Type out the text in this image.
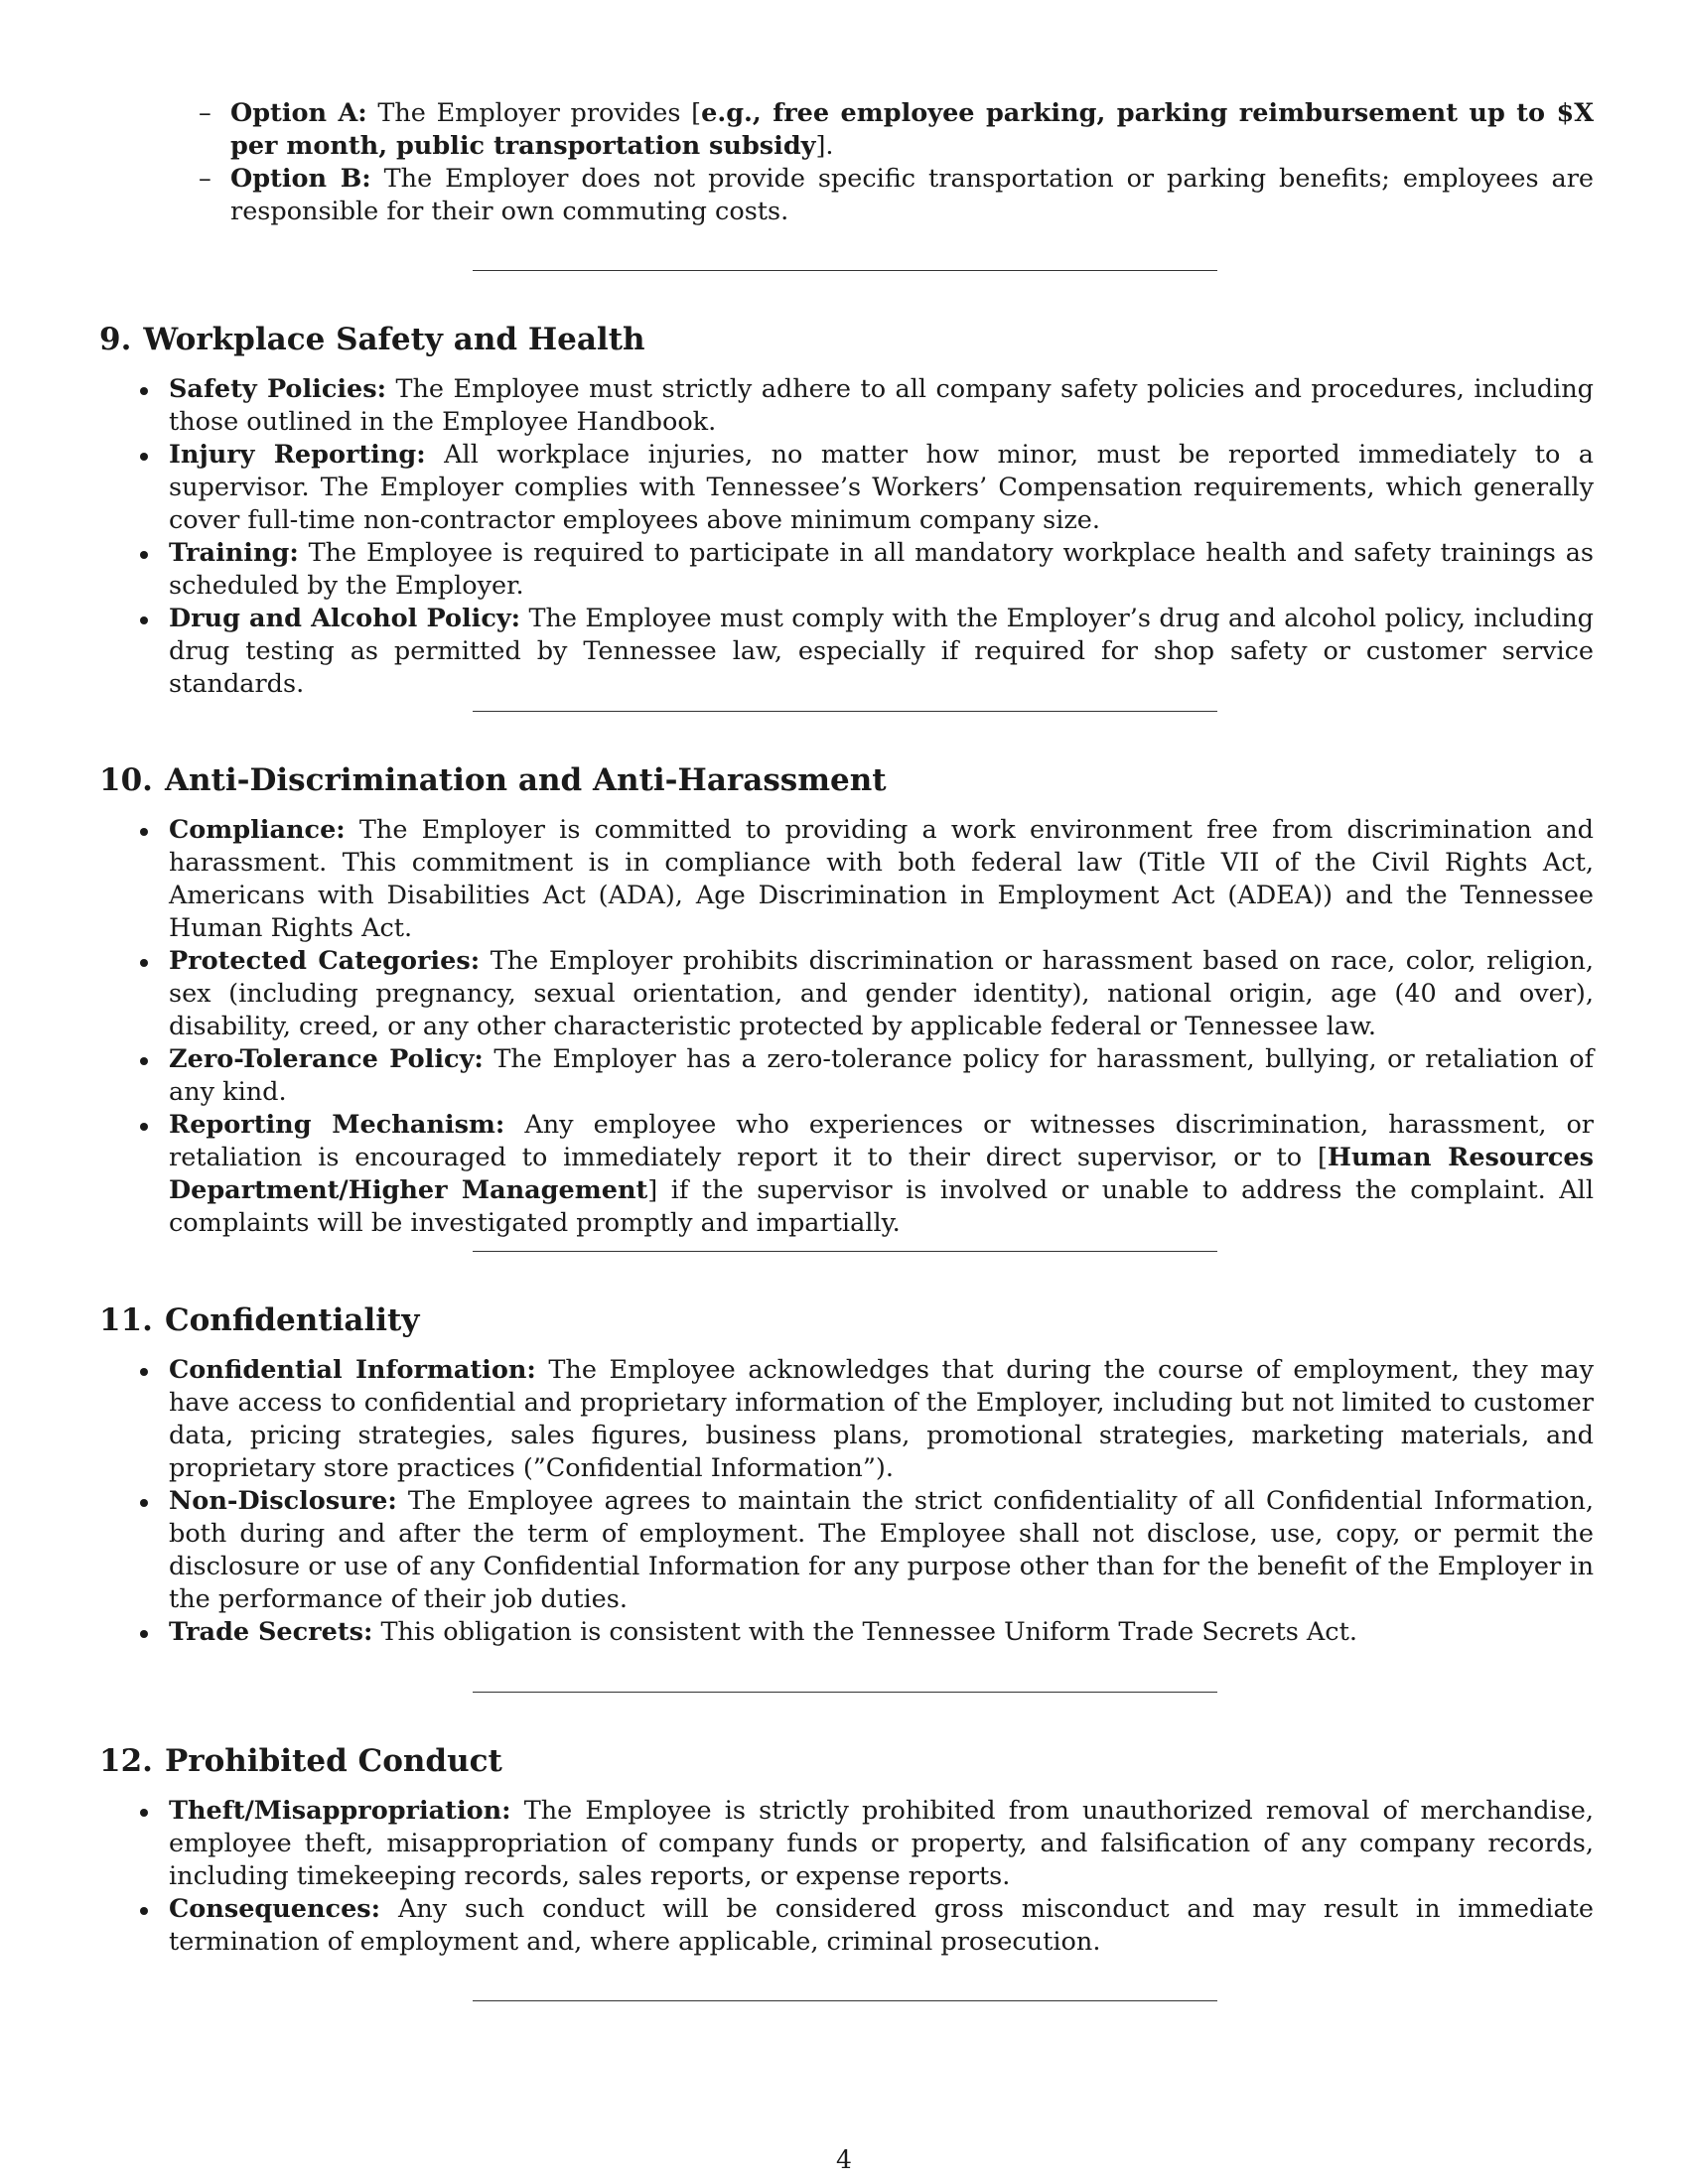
– Option A: The Employer provides [e.g., free employee parking, parking reimbursement up to $X per month, public transportation subsidy].
– Option B: The Employer does not provide specific transportation or parking benefits; employees are responsible for their own commuting costs.
9. Workplace Safety and Health
Safety Policies: The Employee must strictly adhere to all company safety policies and procedures, including those outlined in the Employee Handbook.
Injury Reporting: All workplace injuries, no matter how minor, must be reported immediately to a supervisor. The Employer complies with Tennessee’s Workers’ Compensation requirements, which generally cover full-time non-contractor employees above minimum company size.
Training: The Employee is required to participate in all mandatory workplace health and safety trainings as scheduled by the Employer.
Drug and Alcohol Policy: The Employee must comply with the Employer’s drug and alcohol policy, including drug testing as permitted by Tennessee law, especially if required for shop safety or customer service standards.
10. Anti-Discrimination and Anti-Harassment
Compliance: The Employer is committed to providing a work environment free from discrimination and harassment. This commitment is in compliance with both federal law (Title VII of the Civil Rights Act, Americans with Disabilities Act (ADA), Age Discrimination in Employment Act (ADEA)) and the Tennessee Human Rights Act.
Protected Categories: The Employer prohibits discrimination or harassment based on race, color, religion, sex (including pregnancy, sexual orientation, and gender identity), national origin, age (40 and over), disability, creed, or any other characteristic protected by applicable federal or Tennessee law.
Zero-Tolerance Policy: The Employer has a zero-tolerance policy for harassment, bullying, or retaliation of any kind.
Reporting Mechanism: Any employee who experiences or witnesses discrimination, harassment, or retaliation is encouraged to immediately report it to their direct supervisor, or to [Human Resources Department/Higher Management] if the supervisor is involved or unable to address the complaint. All complaints will be investigated promptly and impartially.
11. Confidentiality
Confidential Information: The Employee acknowledges that during the course of employment, they may have access to confidential and proprietary information of the Employer, including but not limited to customer data, pricing strategies, sales figures, business plans, promotional strategies, marketing materials, and proprietary store practices (”Confidential Information”).
Non-Disclosure: The Employee agrees to maintain the strict confidentiality of all Confidential Information, both during and after the term of employment. The Employee shall not disclose, use, copy, or permit the disclosure or use of any Confidential Information for any purpose other than for the benefit of the Employer in the performance of their job duties.
Trade Secrets: This obligation is consistent with the Tennessee Uniform Trade Secrets Act.
12. Prohibited Conduct
Theft/Misappropriation: The Employee is strictly prohibited from unauthorized removal of merchandise, employee theft, misappropriation of company funds or property, and falsification of any company records, including timekeeping records, sales reports, or expense reports.
Consequences: Any such conduct will be considered gross misconduct and may result in immediate termination of employment and, where applicable, criminal prosecution.
4
